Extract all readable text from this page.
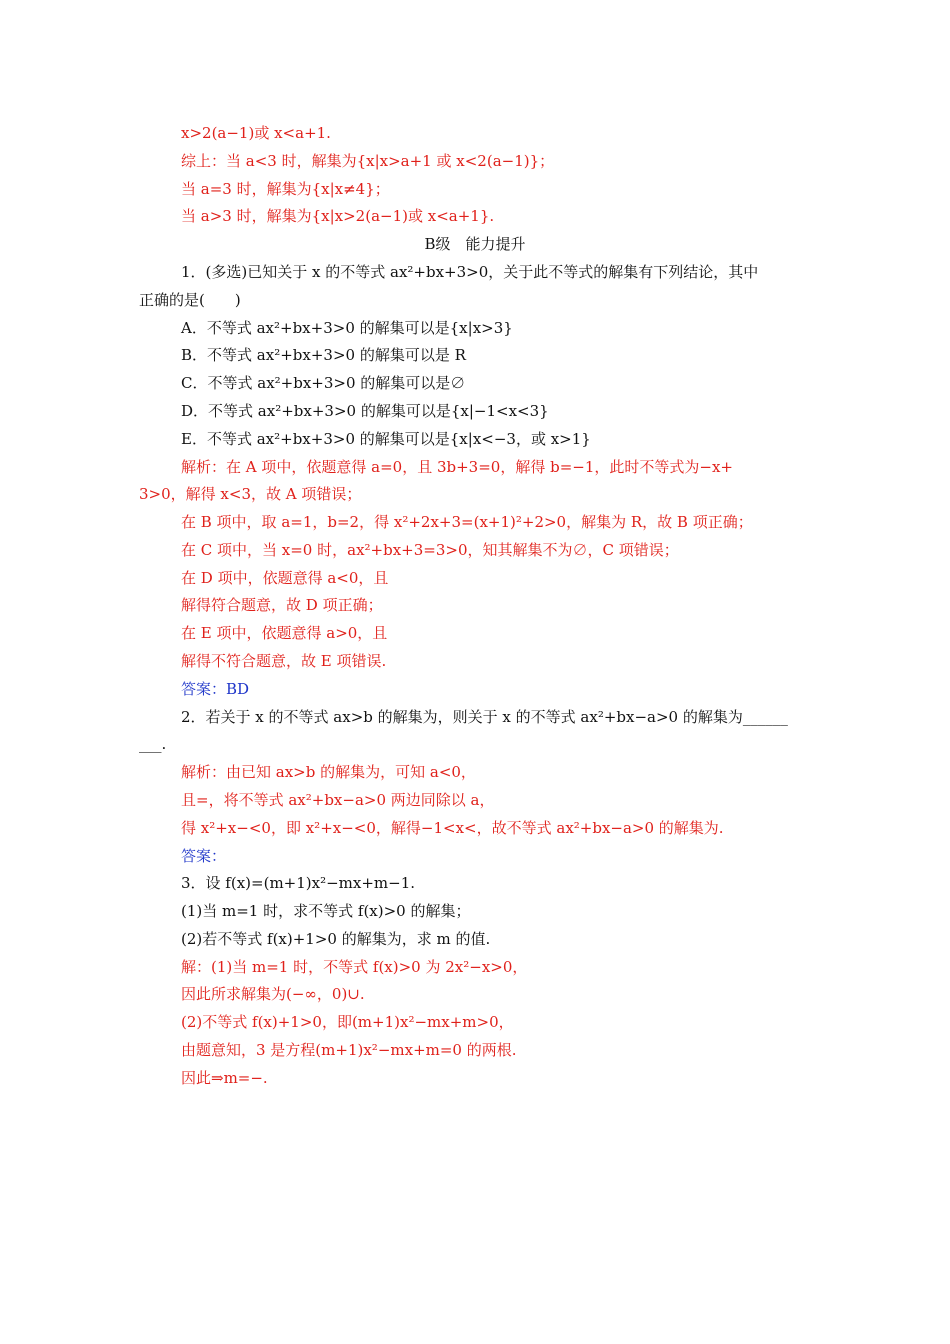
x>2(a−1)或 x<a+1.
综上：当 a<3 时，解集为{x|x>a+1 或 x<2(a−1)}；
当 a=3 时，解集为{x|x≠4}；
当 a>3 时，解集为{x|x>2(a−1)或 x<a+1}.
B级　能力提升
1．(多选)已知关于 x 的不等式 ax²+bx+3>0，关于此不等式的解集有下列结论，其中
正确的是(　　)
A．不等式 ax²+bx+3>0 的解集可以是{x|x>3}
B．不等式 ax²+bx+3>0 的解集可以是 R
C．不等式 ax²+bx+3>0 的解集可以是∅
D．不等式 ax²+bx+3>0 的解集可以是{x|−1<x<3}
E．不等式 ax²+bx+3>0 的解集可以是{x|x<−3，或 x>1}
解析：在 A 项中，依题意得 a=0，且 3b+3=0，解得 b=−1，此时不等式为−x+
3>0，解得 x<3，故 A 项错误；
在 B 项中，取 a=1，b=2，得 x²+2x+3=(x+1)²+2>0，解集为 R，故 B 项正确；
在 C 项中，当 x=0 时，ax²+bx+3=3>0，知其解集不为∅，C 项错误；
在 D 项中，依题意得 a<0，且
解得符合题意，故 D 项正确；
在 E 项中，依题意得 a>0，且
解得不符合题意，故 E 项错误.
答案：BD
2．若关于 x 的不等式 ax>b 的解集为，则关于 x 的不等式 ax²+bx−a>0 的解集为______
___.
解析：由已知 ax>b 的解集为，可知 a<0，
且=，将不等式 ax²+bx−a>0 两边同除以 a，
得 x²+x−<0，即 x²+x−<0，解得−1<x<，故不等式 ax²+bx−a>0 的解集为.
答案：
3．设 f(x)=(m+1)x²−mx+m−1.
(1)当 m=1 时，求不等式 f(x)>0 的解集；
(2)若不等式 f(x)+1>0 的解集为，求 m 的值.
解：(1)当 m=1 时，不等式 f(x)>0 为 2x²−x>0，
因此所求解集为(−∞，0)∪.
(2)不等式 f(x)+1>0，即(m+1)x²−mx+m>0，
由题意知，3 是方程(m+1)x²−mx+m=0 的两根.
因此⇒m=−.
